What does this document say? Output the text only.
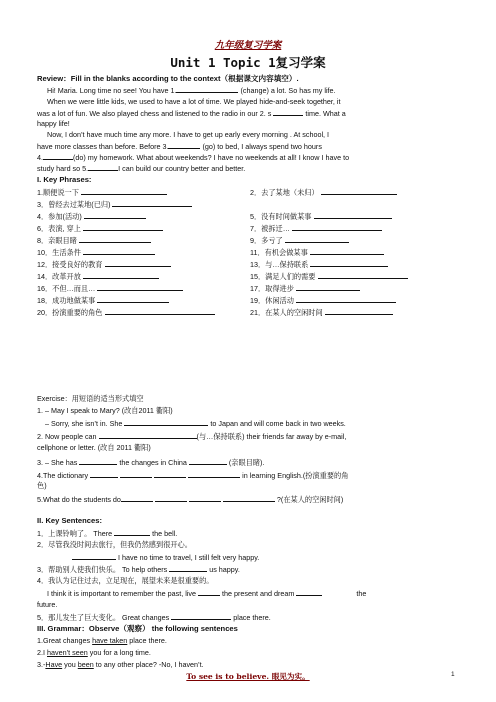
九年级复习学案
Unit 1 Topic 1复习学案
Review：Fill in the blanks according to the context（根据课文内容填空）.
Hi! Maria. Long time no see! You have 1.	(change) a lot. So has my life.
When we were little kids, we used to have a lot of time. We played hide-and-seek together, it
was a lot of fun. We also played chess and listened to the radio in our 2. s	time. What a
happy life!
Now, I don’t have much time any more. I have to get up early every morning . At school, I
have more classes than before. Before 3.	(go) to bed, I always spend two hours
4.	(do) my homework. What about weekends? I have no weekends at all! I know I have to
study hard so 5.	I can build our country better and better.
I. Key Phrases:
1.顺便说一下	2．去了某地（未归）
3．曾经去过某地(已归)
4．参加(活动)	5．没有时间做某事
6．表演, 穿上	7．被拆迁…
8．亲眼目睹	9．多亏了
10．生活条件	11．有机会做某事
12．接受良好的教育	13．与…保持联系
14．改革开放	15．满足人们的需要
16．不但…而且…	17．取得进步
18．成功地做某事	19．休闲活动
20．扮演重要的角色	21．在某人的空闲时间
Exercise：用短语的适当形式填空
1. – May I speak to Mary? (改自2011 衢阳)
– Sorry, she isn’t in. She	to Japan and will come back in two weeks.
2. Now people can	(与…保持联系) their friends far away by e-mail,
cellphone or letter. (改自 2011 衢阳)
3. – She has	the changes in China	(亲眼目睹).
4.The dictionary	in learning English.(扮演重要的角
色)
5.What do the students do	?(在某人的空闲时间)
II. Key Sentences:
1．上课铃响了。 There	the bell.
2．尽管我没时间去旅行，但我仍然感到很开心。
I have no time to travel, I still felt very happy.
3．帮助别人使我们快乐。 To help others	us happy.
4．我认为记住过去，立足现在，展望未来是很重要的。
I think it is important to remember the past, live	the present and dream	the
future.
5．那儿发生了巨大变化。 Great changes	place there.
III. Grammar：Observe（观察） the following sentences
1.Great changes have taken place there.
2.I haven’t seen you for a long time.
3.-Have you been to any other place? -No, I haven’t.
To see is to believe. 眼见为实。	1
